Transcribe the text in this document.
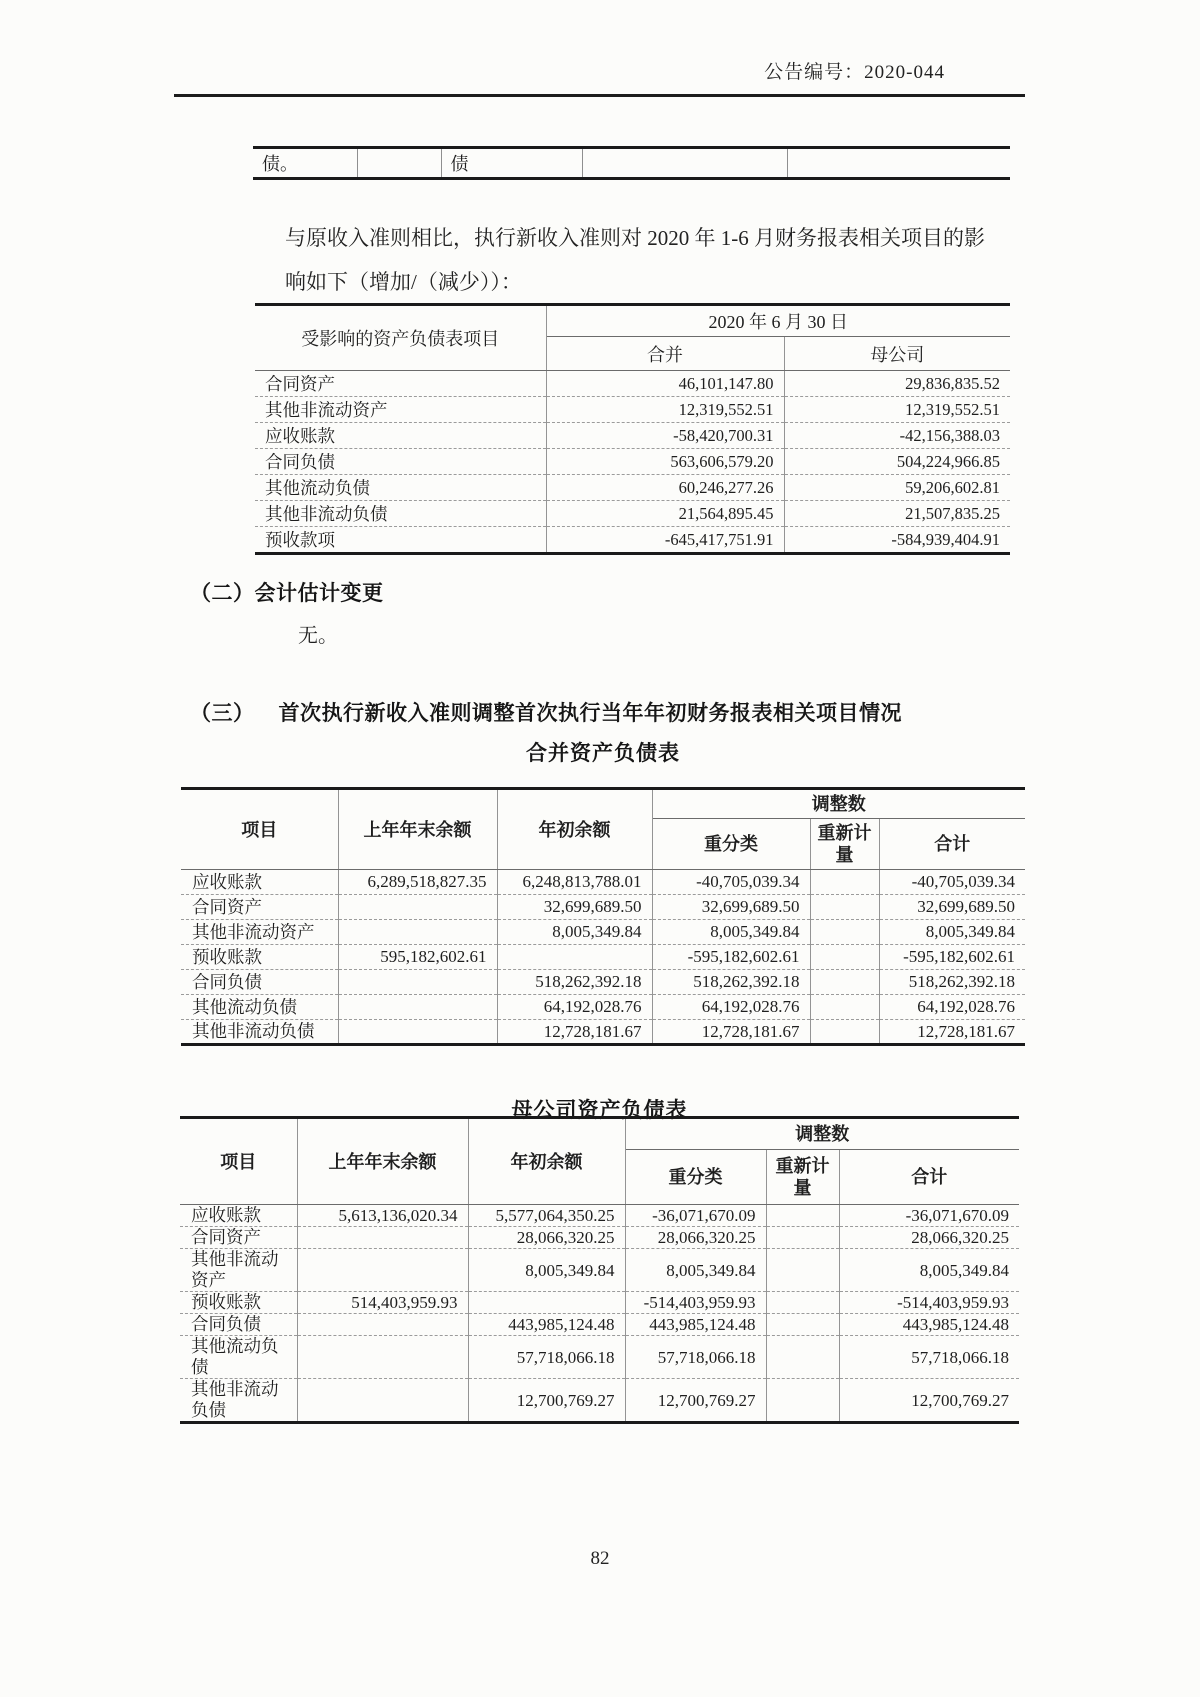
公告编号：2020-044
债。		债		
与原收入准则相比，执行新收入准则对 2020 年 1-6 月财务报表相关项目的影
响如下（增加/（减少））：
受影响的资产负债表项目	2020 年 6 月 30 日	
	合并	母公司
合同资产	46,101,147.80	29,836,835.52
其他非流动资产	12,319,552.51	12,319,552.51
应收账款	-58,420,700.31	-42,156,388.03
合同负债	563,606,579.20	504,224,966.85
其他流动负债	60,246,277.26	59,206,602.81
其他非流动负债	21,564,895.45	21,507,835.25
预收款项	-645,417,751.91	-584,939,404.91
（二）会计估计变更
无。
（三） 首次执行新收入准则调整首次执行当年年初财务报表相关项目情况
合并资产负债表
项目	上年年末余额	年初余额	调整数		
			重分类	重新计量	合计
应收账款	6,289,518,827.35	6,248,813,788.01	-40,705,039.34		-40,705,039.34
合同资产		32,699,689.50	32,699,689.50		32,699,689.50
其他非流动资产		8,005,349.84	8,005,349.84		8,005,349.84
预收账款	595,182,602.61		-595,182,602.61		-595,182,602.61
合同负债		518,262,392.18	518,262,392.18		518,262,392.18
其他流动负债		64,192,028.76	64,192,028.76		64,192,028.76
其他非流动负债		12,728,181.67	12,728,181.67		12,728,181.67
母公司资产负债表
项目	上年年末余额	年初余额	调整数		
			重分类	重新计量	合计
应收账款	5,613,136,020.34	5,577,064,350.25	-36,071,670.09		-36,071,670.09
合同资产		28,066,320.25	28,066,320.25		28,066,320.25
其他非流动资产		8,005,349.84	8,005,349.84		8,005,349.84
预收账款	514,403,959.93		-514,403,959.93		-514,403,959.93
合同负债		443,985,124.48	443,985,124.48		443,985,124.48
其他流动负债		57,718,066.18	57,718,066.18		57,718,066.18
其他非流动负债		12,700,769.27	12,700,769.27		12,700,769.27
82
